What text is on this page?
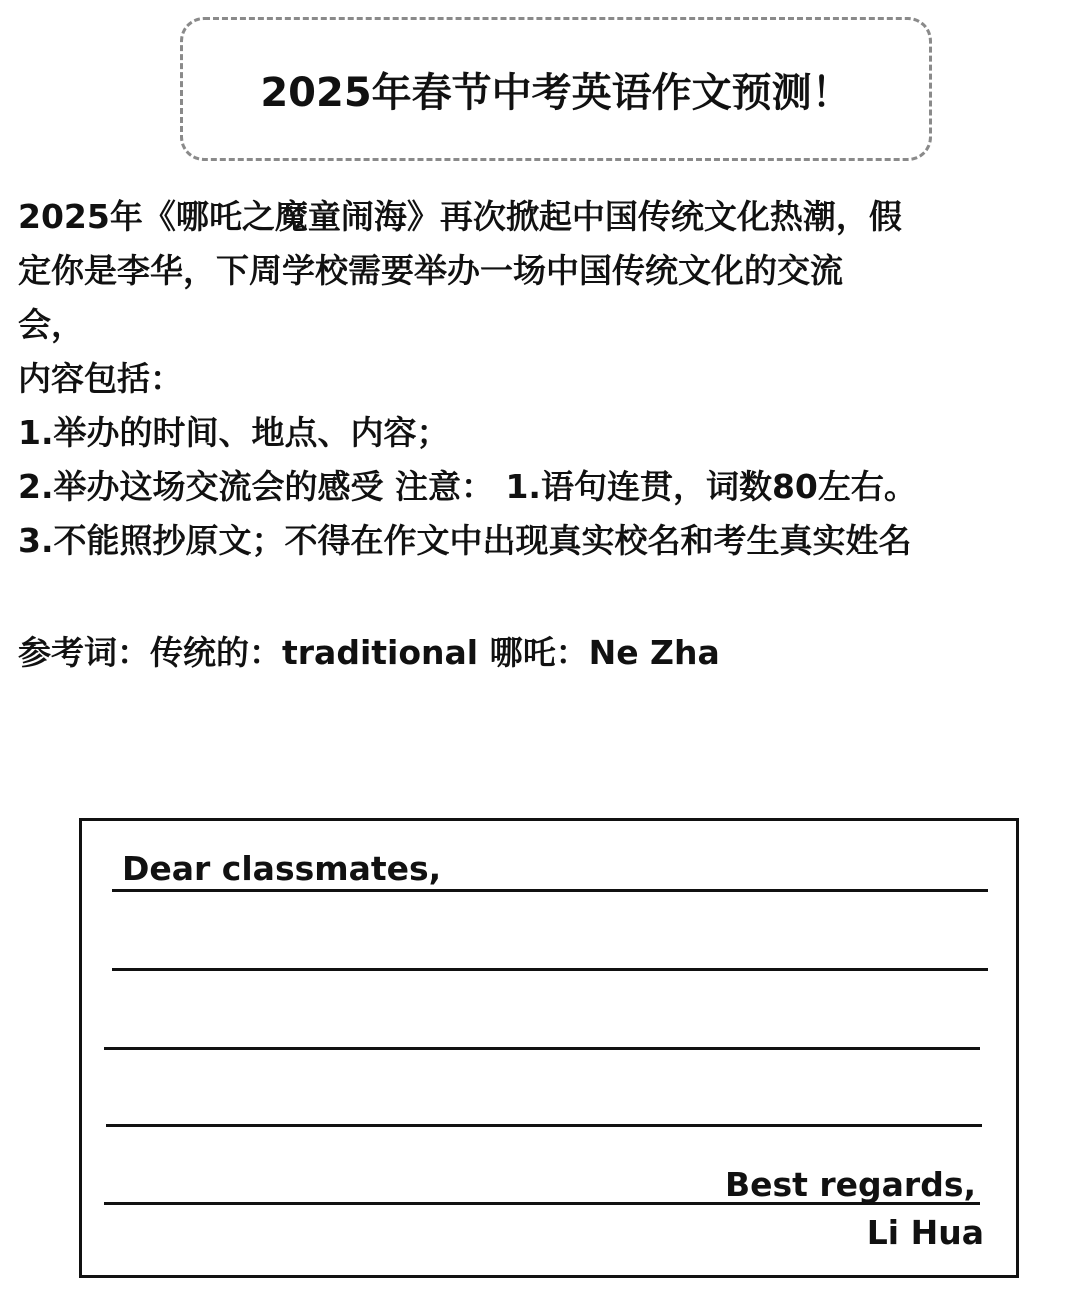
2025年春节中考英语作文预测！
2025年《哪吒之魔童闹海》再次掀起中国传统文化热潮，假
定你是李华，下周学校需要举办一场中国传统文化的交流
会，
内容包括：
1.举办的时间、地点、内容；
2.举办这场交流会的感受 注意： 1.语句连贯，词数80左右。
3.不能照抄原文；不得在作文中出现真实校名和考生真实姓名
参考词：传统的：traditional 哪吒：Ne Zha
Dear classmates,
Best regards,
Li Hua
